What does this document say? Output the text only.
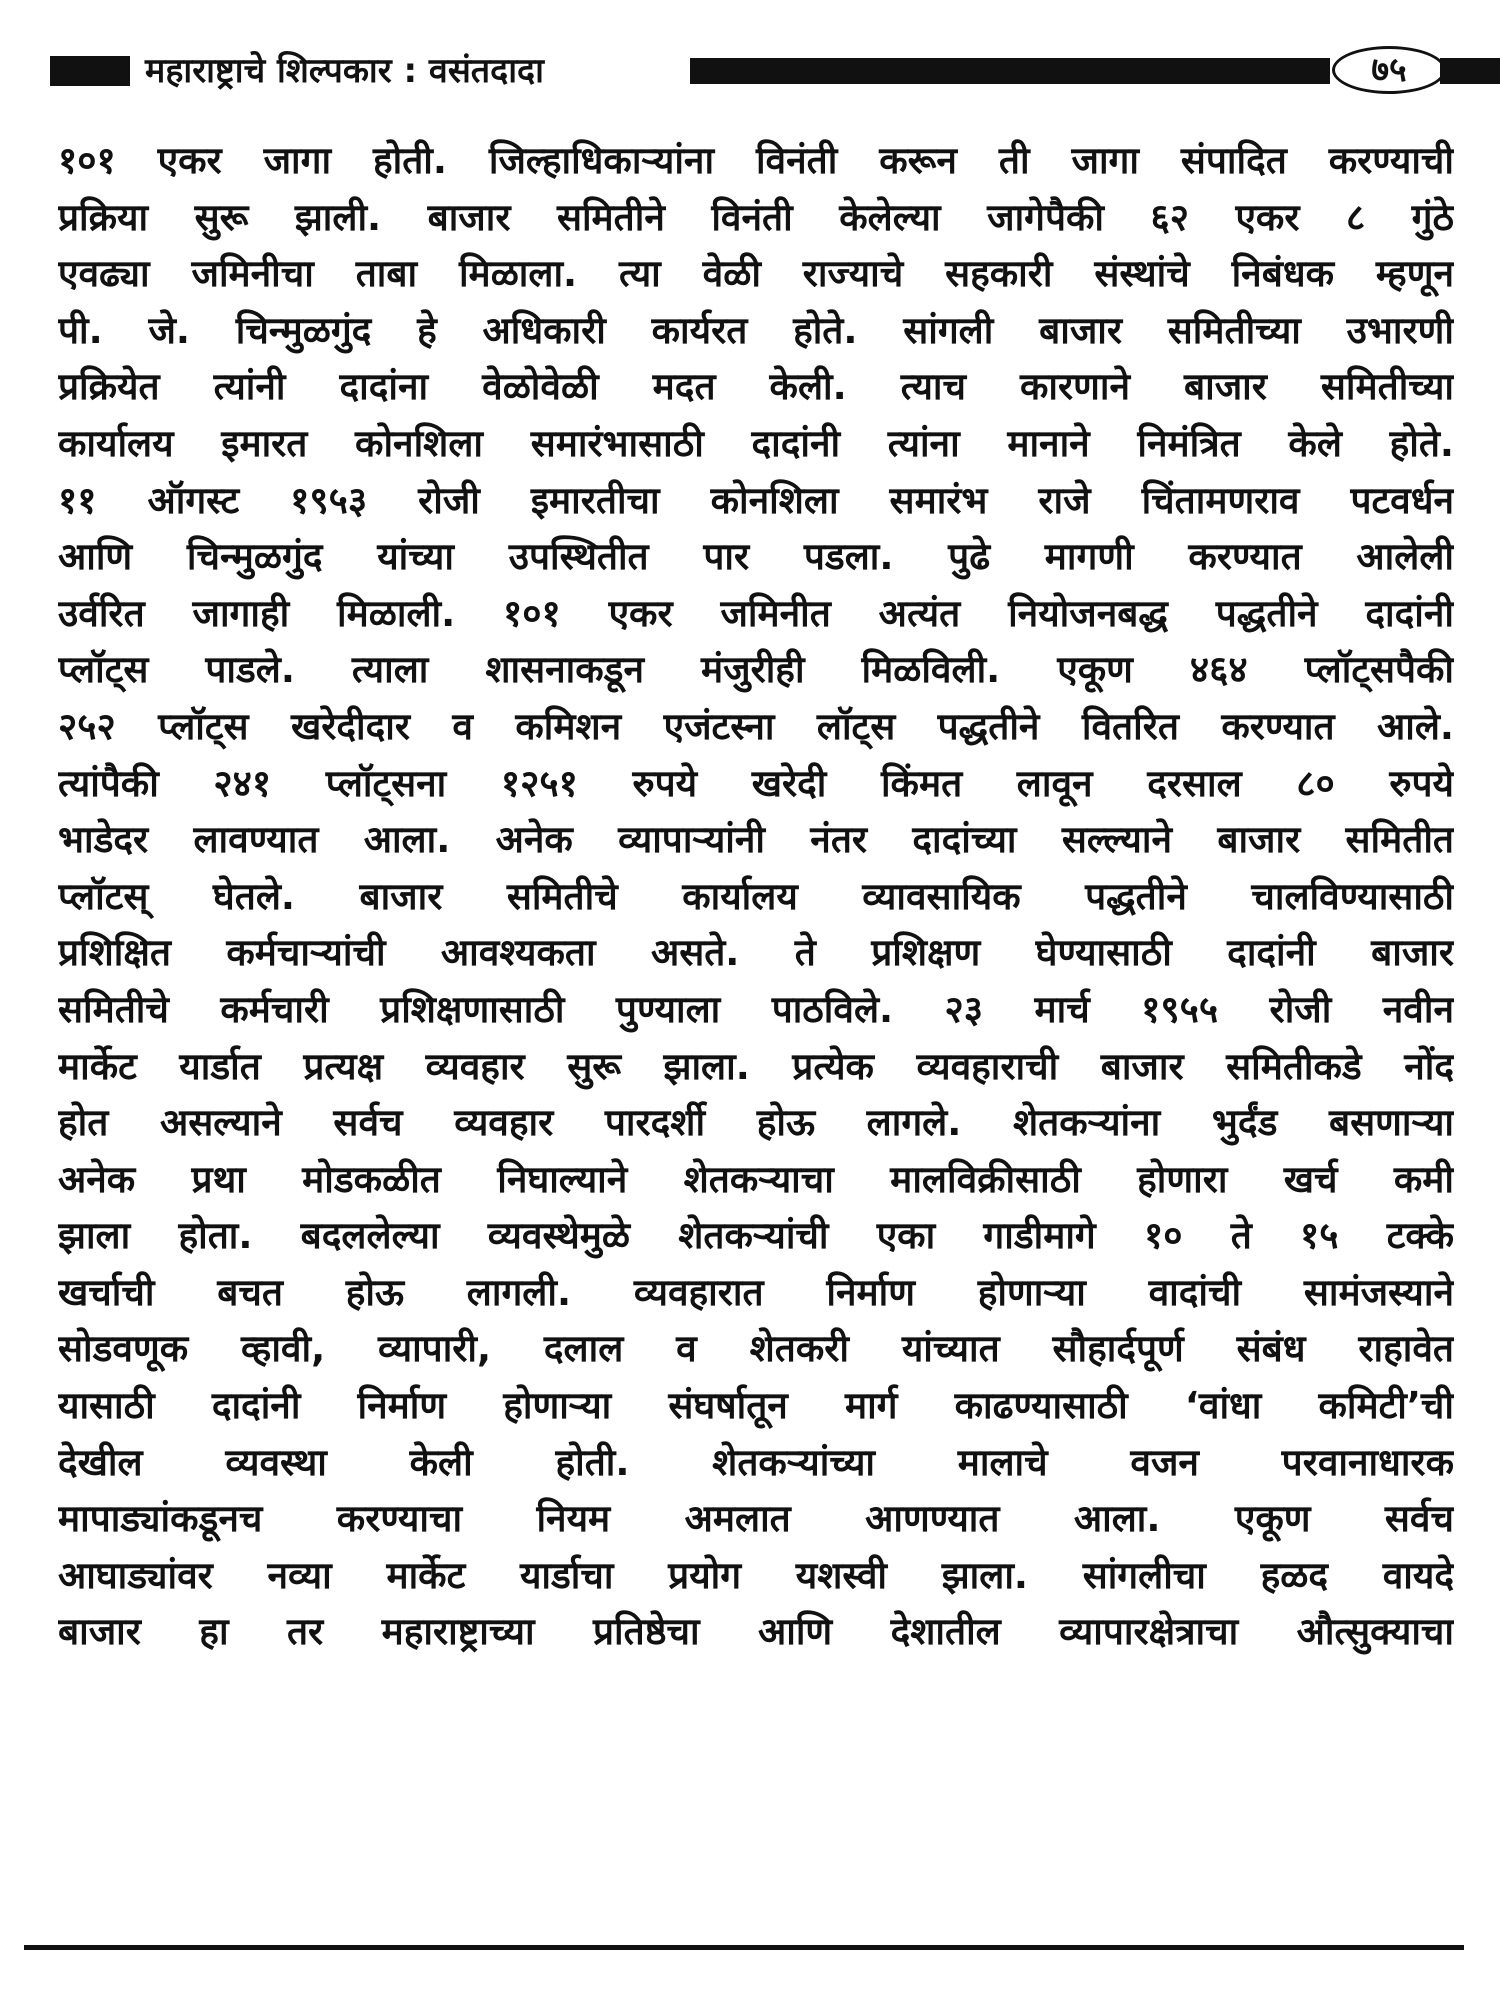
महाराष्ट्राचे शिल्पकार : वसंतदादा	७५
१०१ एकर जागा होती. जिल्हाधिकाऱ्यांना विनंती करून ती जागा संपादित करण्याची
प्रक्रिया सुरू झाली. बाजार समितीने विनंती केलेल्या जागेपैकी ६२ एकर ८ गुंठे
एवढ्या जमिनीचा ताबा मिळाला. त्या वेळी राज्याचे सहकारी संस्थांचे निबंधक म्हणून
पी. जे. चिन्मुळगुंद हे अधिकारी कार्यरत होते. सांगली बाजार समितीच्या उभारणी
प्रक्रियेत त्यांनी दादांना वेळोवेळी मदत केली. त्याच कारणाने बाजार समितीच्या
कार्यालय इमारत कोनशिला समारंभासाठी दादांनी त्यांना मानाने निमंत्रित केले होते.
११ ऑगस्ट १९५३ रोजी इमारतीचा कोनशिला समारंभ राजे चिंतामणराव पटवर्धन
आणि चिन्मुळगुंद यांच्या उपस्थितीत पार पडला. पुढे मागणी करण्यात आलेली
उर्वरित जागाही मिळाली. १०१ एकर जमिनीत अत्यंत नियोजनबद्ध पद्धतीने दादांनी
प्लॉट्स पाडले. त्याला शासनाकडून मंजुरीही मिळविली. एकूण ४६४ प्लॉट्सपैकी
२५२ प्लॉट्स खरेदीदार व कमिशन एजंटस्ना लॉट्स पद्धतीने वितरित करण्यात आले.
त्यांपैकी २४१ प्लॉट्सना १२५१ रुपये खरेदी किंमत लावून दरसाल ८० रुपये
भाडेदर लावण्यात आला. अनेक व्यापाऱ्यांनी नंतर दादांच्या सल्ल्याने बाजार समितीत
प्लॉटस् घेतले. बाजार समितीचे कार्यालय व्यावसायिक पद्धतीने चालविण्यासाठी
प्रशिक्षित कर्मचाऱ्यांची आवश्यकता असते. ते प्रशिक्षण घेण्यासाठी दादांनी बाजार
समितीचे कर्मचारी प्रशिक्षणासाठी पुण्याला पाठविले. २३ मार्च १९५५ रोजी नवीन
मार्केट यार्डात प्रत्यक्ष व्यवहार सुरू झाला. प्रत्येक व्यवहाराची बाजार समितीकडे नोंद
होत असल्याने सर्वच व्यवहार पारदर्शी होऊ लागले. शेतकऱ्यांना भुर्दंड बसणाऱ्या
अनेक प्रथा मोडकळीत निघाल्याने शेतकऱ्याचा मालविक्रीसाठी होणारा खर्च कमी
झाला होता. बदललेल्या व्यवस्थेमुळे शेतकऱ्यांची एका गाडीमागे १० ते १५ टक्के
खर्चाची बचत होऊ लागली. व्यवहारात निर्माण होणाऱ्या वादांची सामंजस्याने
सोडवणूक व्हावी, व्यापारी, दलाल व शेतकरी यांच्यात सौहार्दपूर्ण संबंध राहावेत
यासाठी दादांनी निर्माण होणाऱ्या संघर्षातून मार्ग काढण्यासाठी ‘वांधा कमिटी’ची
देखील व्यवस्था केली होती. शेतकऱ्यांच्या मालाचे वजन परवानाधारक
मापाड्यांकडूनच करण्याचा नियम अमलात आणण्यात आला. एकूण सर्वच
आघाड्यांवर नव्या मार्केट यार्डाचा प्रयोग यशस्वी झाला. सांगलीचा हळद वायदे
बाजार हा तर महाराष्ट्राच्या प्रतिष्ठेचा आणि देशातील व्यापारक्षेत्राचा औत्सुक्याचा
